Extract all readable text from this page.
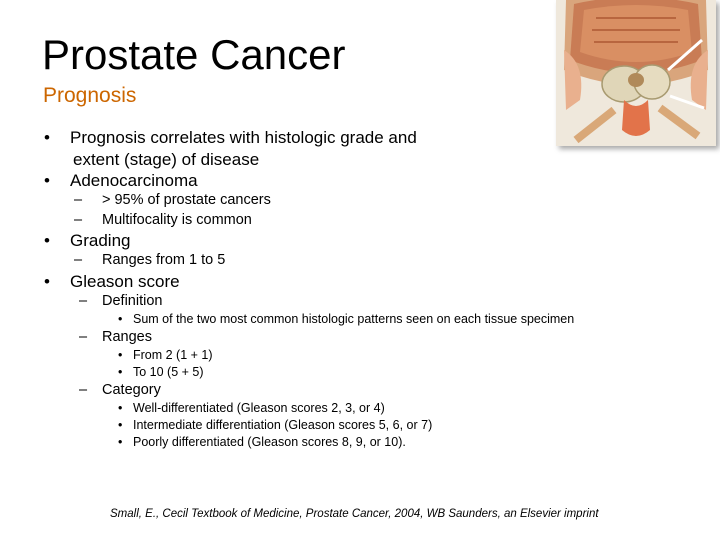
Prostate Cancer
Prognosis
• Prognosis correlates with histologic grade and
extent (stage) of disease
• Adenocarcinoma
– > 95% of prostate cancers
– Multifocality is common
• Grading
– Ranges from 1 to 5
• Gleason score
– Definition
• Sum of the two most common histologic patterns seen on each tissue specimen
– Ranges
• From 2 (1 + 1)
• To 10 (5 + 5)
– Category
• Well-differentiated (Gleason scores 2, 3, or 4)
• Intermediate differentiation (Gleason scores 5, 6, or 7)
• Poorly differentiated (Gleason scores 8, 9, or 10).
Small, E., Cecil Textbook of Medicine, Prostate Cancer, 2004, WB Saunders, an Elsevier imprint
